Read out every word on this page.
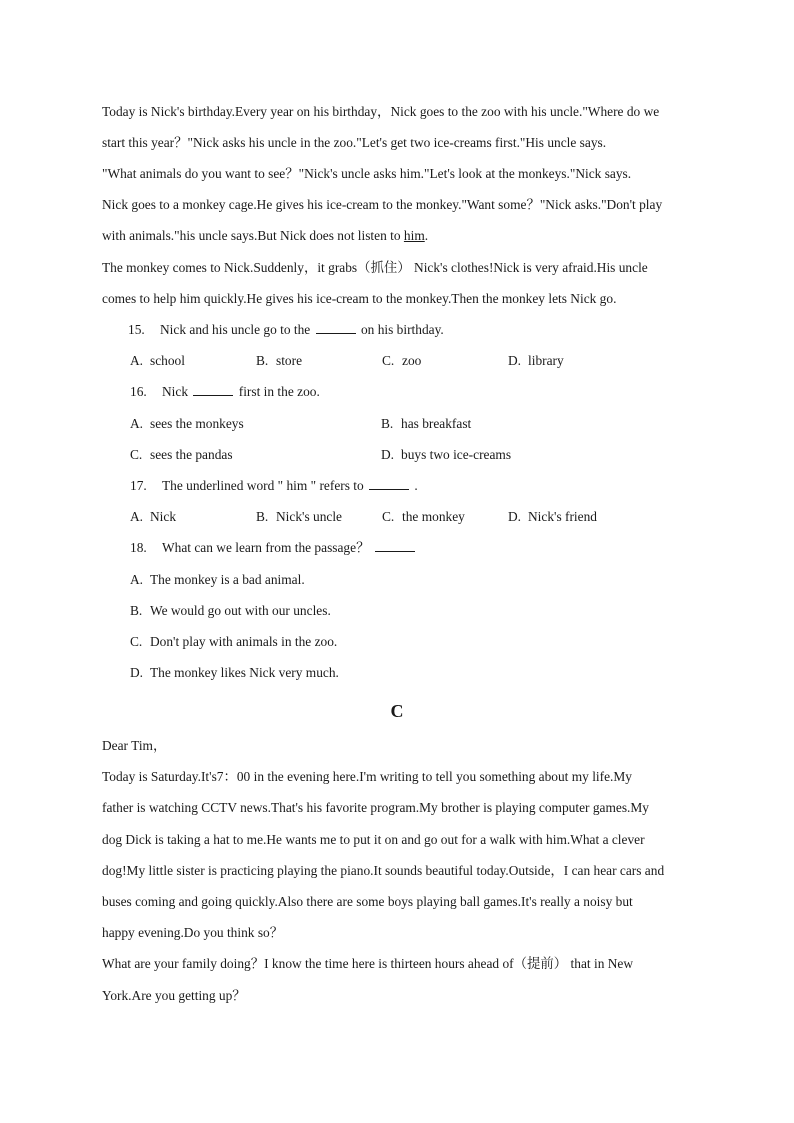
Today is Nick's birthday.Every year on his birthday，Nick goes to the zoo with his uncle."Where do we
start this year？"Nick asks his uncle in the zoo."Let's get two ice-creams first."His uncle says.
"What animals do you want to see？"Nick's uncle asks him."Let's look at the monkeys."Nick says.
Nick goes to a monkey cage.He gives his ice-cream to the monkey."Want some？"Nick asks."Don't play
with animals."his uncle says.But Nick does not listen to him.
The monkey comes to Nick.Suddenly，it grabs（抓住） Nick's clothes!Nick is very afraid.His uncle
comes to help him quickly.He gives his ice-cream to the monkey.Then the monkey lets Nick go.
15. Nick and his uncle go to the	on his birthday.
A. school	B. store	C. zoo	D. library
16. Nick	first in the zoo.
A. sees the monkeys	B. has breakfast
C. sees the pandas	D. buys two ice-creams
17. The underlined word " him " refers to	.
A. Nick	B. Nick's uncle	C. the monkey	D. Nick's friend
18. What can we learn from the passage？
A. The monkey is a bad animal.
B. We would go out with our uncles.
C. Don't play with animals in the zoo.
D. The monkey likes Nick very much.
C
Dear Tim，
Today is Saturday.It's7：00 in the evening here.I'm writing to tell you something about my life.My
father is watching CCTV news.That's his favorite program.My brother is playing computer games.My
dog Dick is taking a hat to me.He wants me to put it on and go out for a walk with him.What a clever
dog!My little sister is practicing playing the piano.It sounds beautiful today.Outside，I can hear cars and
buses coming and going quickly.Also there are some boys playing ball games.It's really a noisy but
happy evening.Do you think so？
What are your family doing？I know the time here is thirteen hours ahead of（提前） that in New
York.Are you getting up？
